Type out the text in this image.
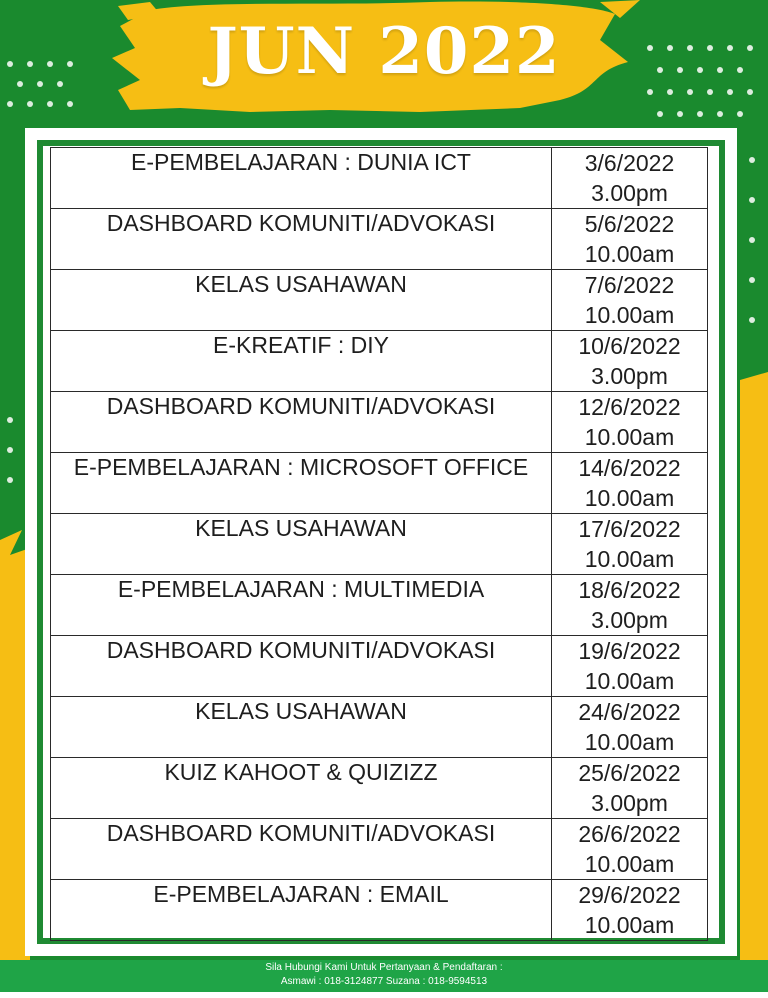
JUN 2022
E-PEMBELAJARAN : DUNIA ICT	3/6/2022
3.00pm

DASHBOARD KOMUNITI/ADVOKASI	5/6/2022
10.00am

KELAS USAHAWAN	7/6/2022
10.00am

E-KREATIF : DIY	10/6/2022
3.00pm

DASHBOARD KOMUNITI/ADVOKASI	12/6/2022
10.00am

E-PEMBELAJARAN : MICROSOFT OFFICE	14/6/2022
10.00am

KELAS USAHAWAN	17/6/2022
10.00am

E-PEMBELAJARAN : MULTIMEDIA	18/6/2022
3.00pm

DASHBOARD KOMUNITI/ADVOKASI	19/6/2022
10.00am

KELAS USAHAWAN	24/6/2022
10.00am

KUIZ KAHOOT & QUIZIZZ	25/6/2022
3.00pm

DASHBOARD KOMUNITI/ADVOKASI	26/6/2022
10.00am

E-PEMBELAJARAN : EMAIL	29/6/2022
10.00am
Sila Hubungi Kami Untuk Pertanyaan & Pendaftaran :
Asmawi : 018-3124877 Suzana : 018-9594513
